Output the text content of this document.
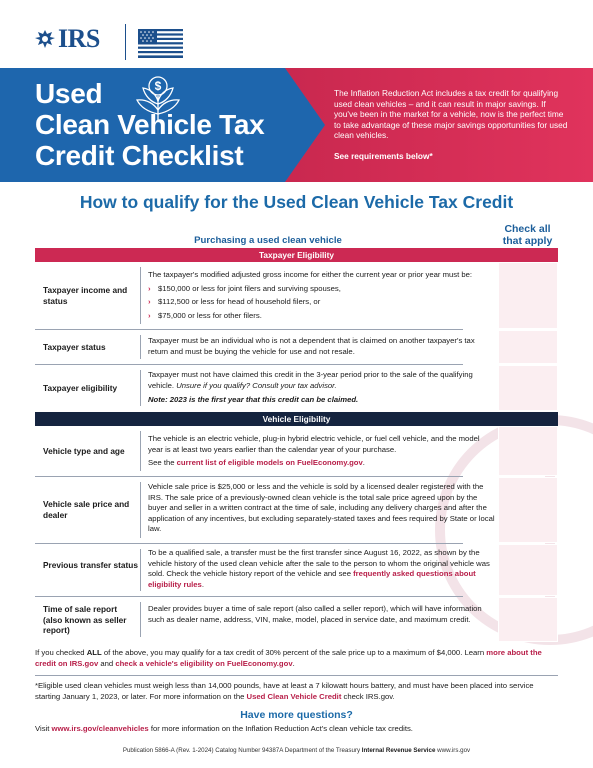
IRS
Used
Clean Vehicle Tax
Credit Checklist
$	The Inflation Reduction Act includes a tax credit for qualifying used clean vehicles – and it can result in major savings. If you've been in the market for a vehicle, now is the perfect time to take advantage of these major savings opportunities for used clean vehicles.
See requirements below*
How to qualify for the Used Clean Vehicle Tax Credit
Purchasing a used clean vehicle
Check all
that apply
Taxpayer Eligibility
Taxpayer income and status
The taxpayer's modified adjusted gross income for either the current year or prior year must be:
› $150,000 or less for joint filers and surviving spouses,
› $112,500 or less for head of household filers, or
› $75,000 or less for other filers.
Taxpayer status
Taxpayer must be an individual who is not a dependent that is claimed on another taxpayer's tax return and must be buying the vehicle for use and not resale.
Taxpayer eligibility
Taxpayer must not have claimed this credit in the 3-year period prior to the sale of the qualifying vehicle. Unsure if you qualify? Consult your tax advisor.
Note: 2023 is the first year that this credit can be claimed.
Vehicle Eligibility
Vehicle type and age
The vehicle is an electric vehicle, plug-in hybrid electric vehicle, or fuel cell vehicle, and the model year is at least two years earlier than the calendar year of your purchase.
See the current list of eligible models on FuelEconomy.gov.
Vehicle sale price and dealer
Vehicle sale price is $25,000 or less and the vehicle is sold by a licensed dealer registered with the IRS. The sale price of a previously-owned clean vehicle is the total sale price agreed upon by the buyer and seller in a written contract at the time of sale, including any delivery charges and after the application of any incentives, but excluding separately-stated taxes and fees required by State or local law.
Previous transfer status
To be a qualified sale, a transfer must be the first transfer since August 16, 2022, as shown by the vehicle history of the used clean vehicle after the sale to the person to whom the original vehicle was sold. Check the vehicle history report of the vehicle and see frequently asked questions about eligibility rules.
Time of sale report (also known as seller report)
Dealer provides buyer a time of sale report (also called a seller report), which will have information such as dealer name, address, VIN, make, model, placed in service date, and maximum credit.
If you checked ALL of the above, you may qualify for a tax credit of 30% percent of the sale price up to a maximum of $4,000. Learn more about the credit on IRS.gov and check a vehicle's eligibility on FuelEconomy.gov.
*Eligible used clean vehicles must weigh less than 14,000 pounds, have at least a 7 kilowatt hours battery, and must have been placed into service starting January 1, 2023, or later. For more information on the Used Clean Vehicle Credit check IRS.gov.
Have more questions?
Visit www.irs.gov/cleanvehicles for more information on the Inflation Reduction Act's clean vehicle tax credits.
Publication 5866-A (Rev. 1-2024) Catalog Number 94387A Department of the Treasury Internal Revenue Service www.irs.gov
